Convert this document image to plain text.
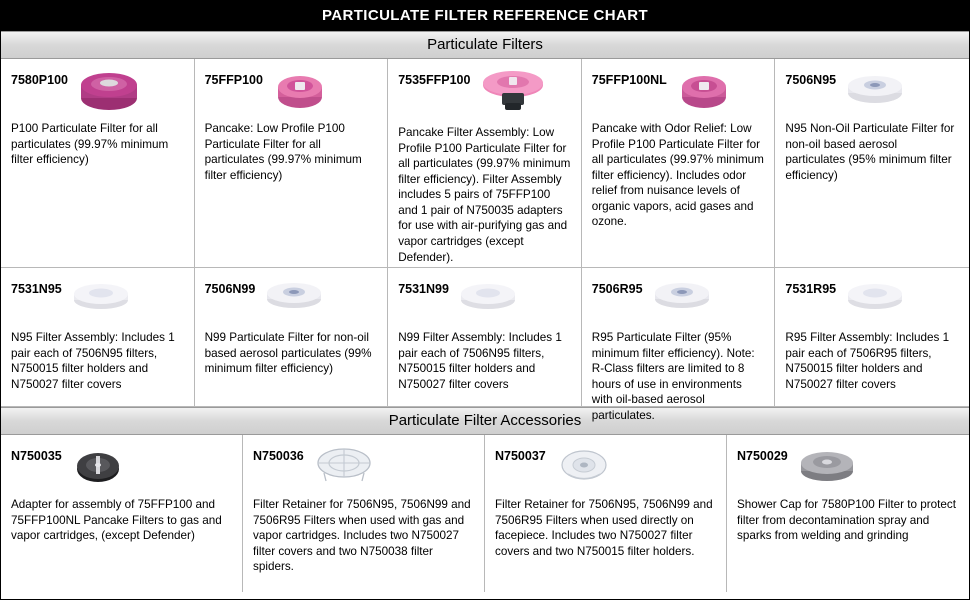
PARTICULATE FILTER REFERENCE CHART
Particulate Filters
7580P100
P100 Particulate Filter for all particulates (99.97% minimum filter efficiency)
75FFP100
Pancake: Low Profile P100 Particulate Filter for all particulates (99.97% minimum filter efficiency)
7535FFP100
Pancake Filter Assembly: Low Profile P100 Particulate Filter for all particulates (99.97% minimum filter efficiency). Filter Assembly includes 5 pairs of 75FFP100 and 1 pair of N750035 adapters for use with air-purifying gas and vapor cartridges (except Defender).
75FFP100NL
Pancake with Odor Relief: Low Profile P100 Particulate Filter for all particulates (99.97% minimum filter efficiency). Includes odor relief from nuisance levels of organic vapors, acid gases and ozone.
7506N95
N95 Non-Oil Particulate Filter for non-oil based aerosol particulates (95% minimum filter efficiency)
7531N95
N95 Filter Assembly: Includes 1 pair each of 7506N95 filters, N750015 filter holders and N750027 filter covers
7506N99
N99 Particulate Filter for non-oil based aerosol particulates (99% minimum filter efficiency)
7531N99
N99 Filter Assembly: Includes 1 pair each of 7506N95 filters, N750015 filter holders and N750027 filter covers
7506R95
R95 Particulate Filter (95% minimum filter efficiency). Note: R-Class filters are limited to 8 hours of use in environments with oil-based aerosol particulates.
7531R95
R95 Filter Assembly: Includes 1 pair each of 7506R95 filters, N750015 filter holders and N750027 filter covers
Particulate Filter Accessories
N750035
Adapter for assembly of 75FFP100 and 75FFP100NL Pancake Filters to gas and vapor cartridges, (except Defender)
N750036
Filter Retainer for 7506N95, 7506N99 and 7506R95 Filters when used with gas and vapor cartridges. Includes two N750027 filter covers and two N750038 filter spiders.
N750037
Filter Retainer for 7506N95, 7506N99 and 7506R95 Filters when used directly on facepiece. Includes two N750027 filter covers and two N750015 filter holders.
N750029
Shower Cap for 7580P100 Filter to protect filter from decontamination spray and sparks from welding and grinding
